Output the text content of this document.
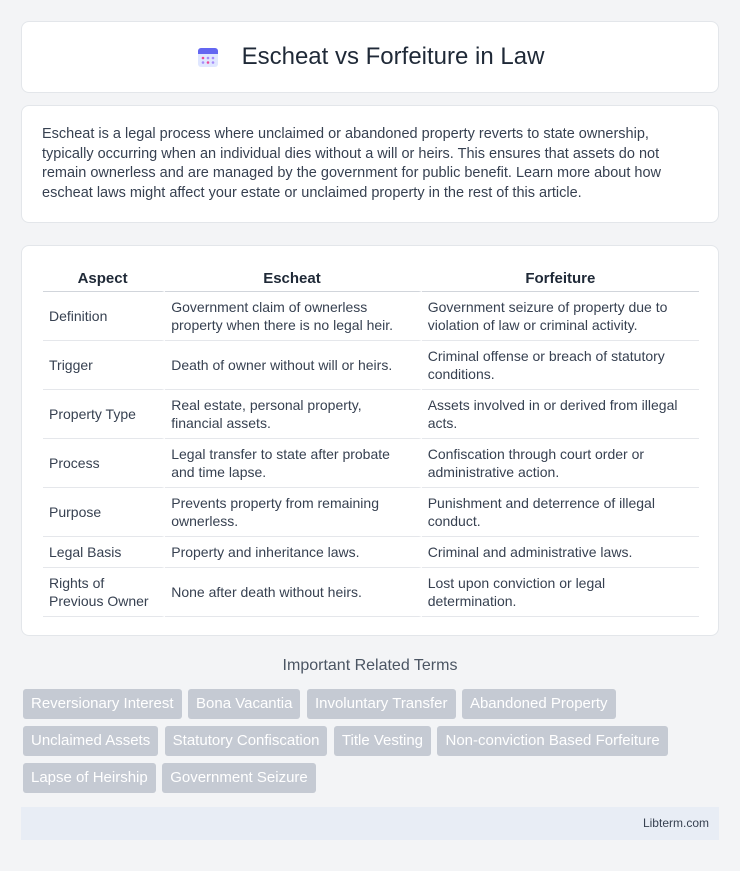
Escheat vs Forfeiture in Law

Escheat is a legal process where unclaimed or abandoned property reverts to state ownership, typically occurring when an individual dies without a will or heirs. This ensures that assets do not remain ownerless and are managed by the government for public benefit. Learn more about how escheat laws might affect your estate or unclaimed property in the rest of this article.

Aspect	Escheat	Forfeiture
Definition	Government claim of ownerless property when there is no legal heir.	Government seizure of property due to violation of law or criminal activity.
Trigger	Death of owner without will or heirs.	Criminal offense or breach of statutory conditions.
Property Type	Real estate, personal property, financial assets.	Assets involved in or derived from illegal acts.
Process	Legal transfer to state after probate and time lapse.	Confiscation through court order or administrative action.
Purpose	Prevents property from remaining ownerless.	Punishment and deterrence of illegal conduct.
Legal Basis	Property and inheritance laws.	Criminal and administrative laws.
Rights of Previous Owner	None after death without heirs.	Lost upon conviction or legal determination.
Important Related Terms
Reversionary Interest Bona Vacantia Involuntary Transfer Abandoned Property Unclaimed Assets Statutory Confiscation Title Vesting Non-conviction Based Forfeiture Lapse of Heirship Government Seizure
Libterm.com
